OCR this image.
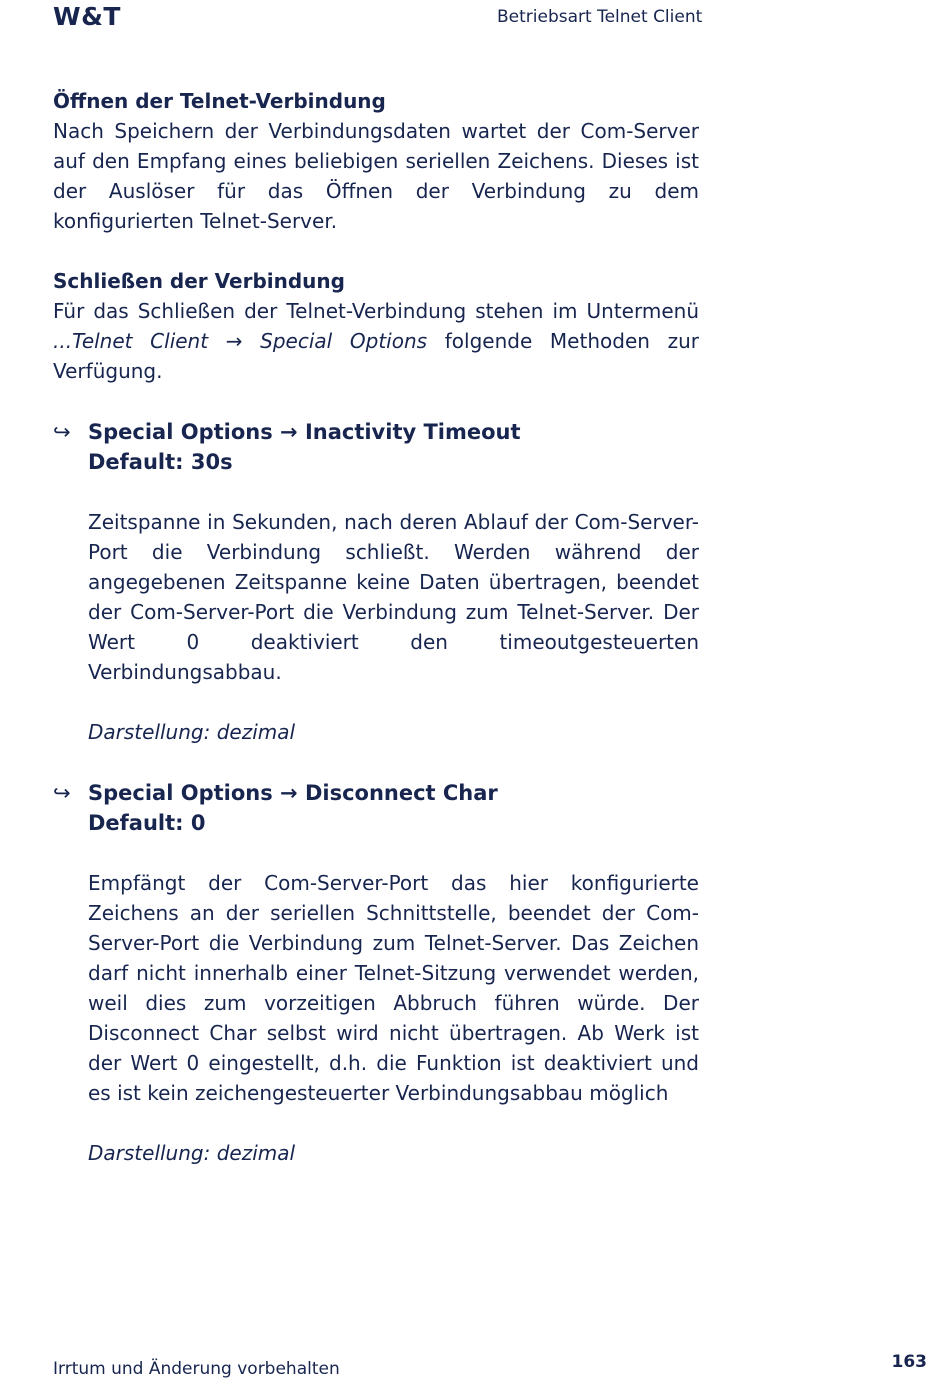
W&T	Betriebsart Telnet Client

Öffnen der Telnet-Verbindung

Nach Speichern der Verbindungsdaten wartet der Com-Server auf den Empfang eines beliebigen seriellen Zeichens. Dieses ist der Auslöser für das Öffnen der Verbindung zu dem konfigurierten Telnet-Server.

Schließen der Verbindung

Für das Schließen der Telnet-Verbindung stehen im Untermenü ...Telnet Client → Special Options folgende Methoden zur Verfügung.

↪ Special Options → Inactivity Timeout
Default: 30s

Zeitspanne in Sekunden, nach deren Ablauf der Com-Server-Port die Verbindung schließt. Werden während der angegebenen Zeitspanne keine Daten übertragen, beendet der Com-Server-Port die Verbindung zum Telnet-Server. Der Wert 0 deaktiviert den timeoutgesteuerten Verbindungsabbau.

Darstellung: dezimal

↪ Special Options → Disconnect Char
Default: 0

Empfängt der Com-Server-Port das hier konfigurierte Zeichens an der seriellen Schnittstelle, beendet der Com-Server-Port die Verbindung zum Telnet-Server. Das Zeichen darf nicht innerhalb einer Telnet-Sitzung verwendet werden, weil dies zum vorzeitigen Abbruch führen würde. Der Disconnect Char selbst wird nicht übertragen. Ab Werk ist der Wert 0 eingestellt, d.h. die Funktion ist deaktiviert und es ist kein zeichengesteuerter Verbindungsabbau möglich

Darstellung: dezimal

Irrtum und Änderung vorbehalten	163
